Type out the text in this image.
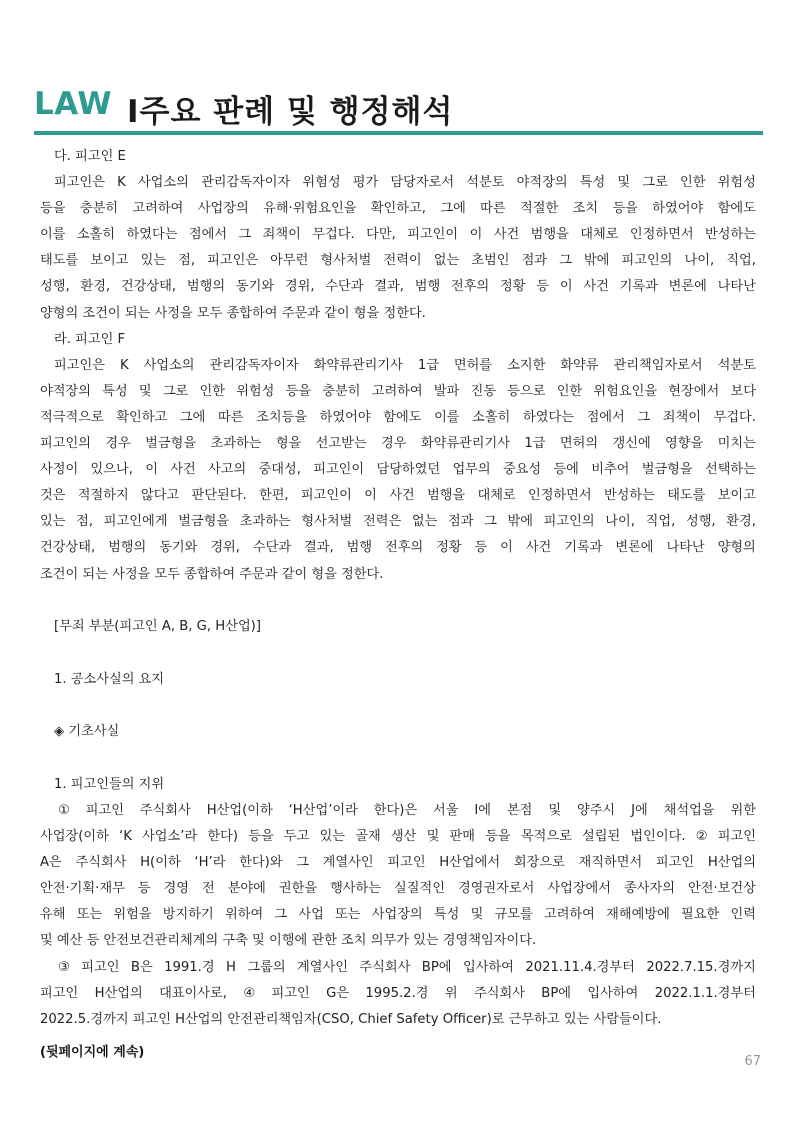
LAW Ⅰ주요 판례 및 행정해석
다. 피고인 E
피고인은 K 사업소의 관리감독자이자 위험성 평가 담당자로서 석분토 야적장의 특성 및 그로 인한 위험성
등을 충분히 고려하여 사업장의 유해·위험요인을 확인하고, 그에 따른 적절한 조치 등을 하였어야 함에도
이를 소홀히 하였다는 점에서 그 죄책이 무겁다. 다만, 피고인이 이 사건 범행을 대체로 인정하면서 반성하는
태도를 보이고 있는 점, 피고인은 아무런 형사처벌 전력이 없는 초범인 점과 그 밖에 피고인의 나이, 직업,
성행, 환경, 건강상태, 범행의 동기와 경위, 수단과 결과, 범행 전후의 정황 등 이 사건 기록과 변론에 나타난
양형의 조건이 되는 사정을 모두 종합하여 주문과 같이 형을 정한다.
라. 피고인 F
피고인은 K 사업소의 관리감독자이자 화약류관리기사 1급 면허를 소지한 화약류 관리책임자로서 석분토
야적장의 특성 및 그로 인한 위험성 등을 충분히 고려하여 발파 진동 등으로 인한 위험요인을 현장에서 보다
적극적으로 확인하고 그에 따른 조치등을 하였어야 함에도 이를 소홀히 하였다는 점에서 그 죄책이 무겁다.
피고인의 경우 벌금형을 초과하는 형을 선고받는 경우 화약류관리기사 1급 면허의 갱신에 영향을 미치는
사정이 있으나, 이 사건 사고의 중대성, 피고인이 담당하였던 업무의 중요성 등에 비추어 벌금형을 선택하는
것은 적절하지 않다고 판단된다. 한편, 피고인이 이 사건 범행을 대체로 인정하면서 반성하는 태도를 보이고
있는 점, 피고인에게 벌금형을 초과하는 형사처벌 전력은 없는 점과 그 밖에 피고인의 나이, 직업, 성행, 환경,
건강상태, 범행의 동기와 경위, 수단과 결과, 범행 전후의 정황 등 이 사건 기록과 변론에 나타난 양형의
조건이 되는 사정을 모두 종합하여 주문과 같이 형을 정한다.
[무죄 부분(피고인 A, B, G, H산업)]
1. 공소사실의 요지
◈ 기초사실
1. 피고인들의 지위
① 피고인 주식회사 H산업(이하 ‘H산업’이라 한다)은 서울 I에 본점 및 양주시 J에 채석업을 위한
사업장(이하 ‘K 사업소’라 한다) 등을 두고 있는 골재 생산 및 판매 등을 목적으로 설립된 법인이다. ② 피고인
A은 주식회사 H(이하 ‘H’라 한다)와 그 계열사인 피고인 H산업에서 회장으로 재직하면서 피고인 H산업의
안전·기획·재무 등 경영 전 분야에 권한을 행사하는 실질적인 경영권자로서 사업장에서 종사자의 안전·보건상
유해 또는 위험을 방지하기 위하여 그 사업 또는 사업장의 특성 및 규모를 고려하여 재해예방에 필요한 인력
및 예산 등 안전보건관리체계의 구축 및 이행에 관한 조치 의무가 있는 경영책임자이다.
③ 피고인 B은 1991.경 H 그룹의 계열사인 주식회사 BP에 입사하여 2021.11.4.경부터 2022.7.15.경까지
피고인 H산업의 대표이사로, ④ 피고인 G은 1995.2.경 위 주식회사 BP에 입사하여 2022.1.1.경부터
2022.5.경까지 피고인 H산업의 안전관리책임자(CSO, Chief Safety Officer)로 근무하고 있는 사람들이다.
(뒷페이지에 계속)
67
